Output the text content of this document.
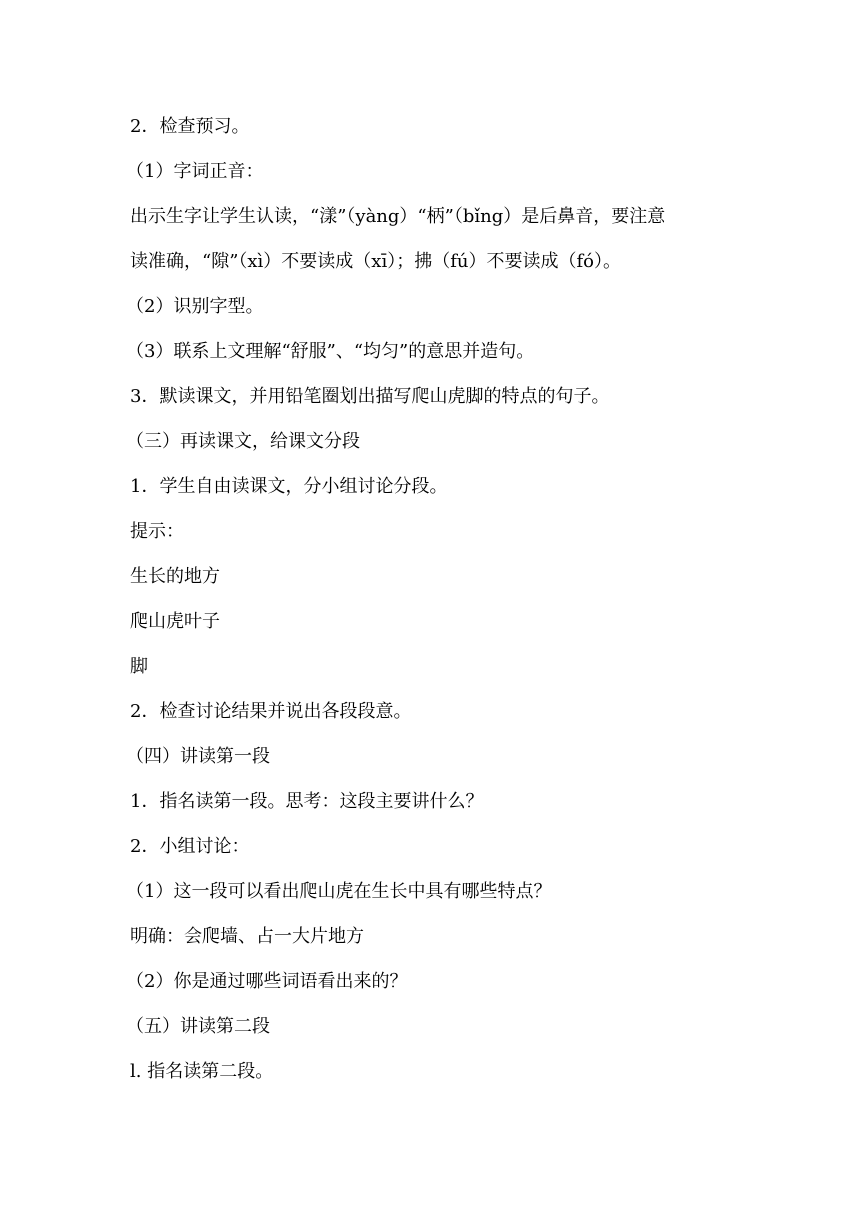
2．检查预习。
（1）字词正音：
出示生字让学生认读，“漾”（yàng）“柄”（bǐng）是后鼻音，要注意
读准确，“隙”（xì）不要读成（xī）；拂（fú）不要读成（fó）。
（2）识别字型。
（3）联系上文理解“舒服”、“均匀”的意思并造句。
3．默读课文，并用铅笔圈划出描写爬山虎脚的特点的句子。
（三）再读课文，给课文分段
1．学生自由读课文，分小组讨论分段。
提示：
生长的地方
爬山虎叶子
脚
2．检查讨论结果并说出各段段意。
（四）讲读第一段
1．指名读第一段。思考：这段主要讲什么？
2．小组讨论：
（1）这一段可以看出爬山虎在生长中具有哪些特点？
明确：会爬墙、占一大片地方
（2）你是通过哪些词语看出来的？
（五）讲读第二段
l. 指名读第二段。
